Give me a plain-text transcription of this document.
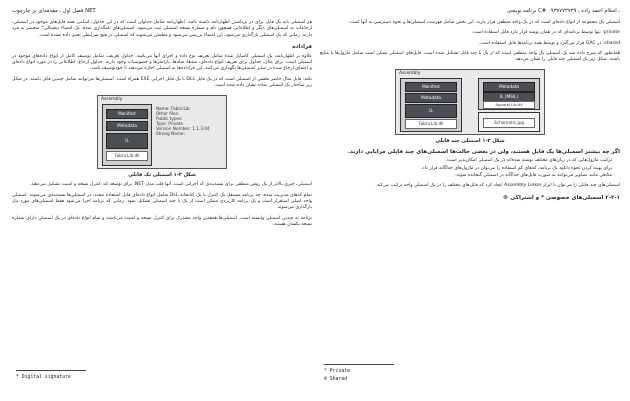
فصل اول ـ مقدمه‌ای بر چارچوب NET.
هر اسمبلی باید یک فایل برای در برداشتن اظهارنامه داشته باشد. اظهارنامه شامل جداولی است که در این جداول، اسامی همه فایل‌های موجود در اسمبلی، ارجاعات به اسمبلی‌های دیگر و اطلاعاتی همچون نام و شماره نسخه اسمبلی ثبت می‌شود. اسمبلی‌های نامگذاری شده، یک امضاء دیجیتالی* منحصر به فرد دارند، زمانی که یک اسمبلی بارگذاری می‌شود، این امضاء بررسی می‌شود و مطمئن می‌شوید که اسمبلی در هیچ شرایطی تغییر داده نشده است.
فراداده
علاوه بر اظهارنامه، یک اسمبلی کامپایل شده شامل تعریف نوع داده و اجرای آنها می‌باشد. جداول تعریف، شامل توصیف کامل از انواع داده‌های موجود در اسمبلی است. برای مثال، جداول برای تعریف انواع داده‌ای، متدها، فیلدها، پارامترها و خصوصیات وجود دارند. جداول ارجاع، اطلاعاتی را در مورد انواع داده‌ای و اعضای ارجاع شده در سایر اسمبلی‌ها نگهداری می‌کنند. این فراداده‌ها به اسمبلی اجازه می‌دهند تا خودتوصیف باشد.
نکته: فایل مثال حاضر بخشی از اسمبلی است که در یک فایل DLL با یک فایل اجرایی EXE همراه است. اسمبلی‌ها می‌توانند شامل چندین فایل باشند. در شکل زیر ساختار یک اسمبلی ساده نشان داده شده است.
Assembly
Manifest
Metadata
IL
FabricLib.dll
Name: FabricLib
Other files:
Public types:
Type: Private
Version Number: 1.1.3.04
Strong Name:
شکل ۲-۱ اسمبلی تک فایلی
اسمبلی، چیزی بالاتر از یک روش منطقی برای بسته‌بندی کد اجرایی است. آنها قلب مدل NET. برای توسعه کد، کنترل نسخه و امنیت تشکیل می‌دهند.
تمام کدهای مدیریت شده، چه برنامه مستقل یک کنترل یا یک کتابخانه DLL شامل انواع داده‌ای قابل استفاده مجدد، در اسمبلی‌ها بسته‌بندی می‌شوند. اسمبلی واحد اصلی استقرار است و یک برنامه کاربردی ممکن است از یک یا چند اسمبلی تشکیل شود. زمانی که برنامه اجرا می‌شود فقط اسمبلی‌های مورد نیاز بارگذاری می‌شوند.
برنامه به چندین اسمبلی وابسته است. اسمبلی‌ها همچنین واحد مشترک برای کنترل نسخه و امنیت می‌باشند و تمام انواع داده‌ای در یک اسمبلی دارای شماره نسخه یکسان هستند.
* Digital signature
برنامه نویسی C# ـ اسلام احمد زاده ـ ۰۹۳۷۷۷۳۷۳۹
اسمبلی یک مجموعه از انواع داده‌ای است که در یک واحد منطقی قرار دارند. این بخش شامل فهرست اسمبلی‌ها و نحوه دسترسی به آنها است.
private: تنها توسط برنامه‌ای که در همان پوشه قرار دارد قابل استفاده است.
shared: در GAC قرار می‌گیرد و توسط همه برنامه‌ها قابل استفاده است.
همانطور که شرح داده شد یک اسمبلی یک واحد منطقی است که از یک یا چند فایل تشکیل شده است. فایل‌های اسمبلی ممکن است شامل ماژول‌ها یا منابع باشند. شکل زیر یک اسمبلی چند فایلی را نشان می‌دهد.
Assembly
Manifest
Metadata
IL
FabricLib.dll
Metadata
IL (MSIL)
Apparel.Lib.dll
Schematic.jpg
شکل ۳-۱ اسمبلی چند فایلی
اگر چه بیشتر اسمبلی‌ها یک فایل هستند، ولی در بعضی حالت‌ها اسمبلی‌های چند فایلی مزایایی دارند.
• ترکیب ماژول‌هایی که در زبان‌های مختلف نوشته شده‌اند در یک اسمبلی امکان‌پذیر است.
• برای بهینه کردن نحوه دانلود یک برنامه، کدهای کم استفاده را می‌توان در ماژول‌های جداگانه قرار داد.
• منابعی مانند تصاویر می‌توانند به صورت فایل‌های جداگانه در اسمبلی گنجانده شوند.
اسمبلی‌های چند فایلی را می‌توان با ابزار Assembly Linker ایجاد کرد که فایل‌های مختلف را در یک اسمبلی واحد ترکیب می‌کند.
۲-۲-۱ اسمبلی‌های خصوصی * و اشتراکی ®
* Private
® Shared
